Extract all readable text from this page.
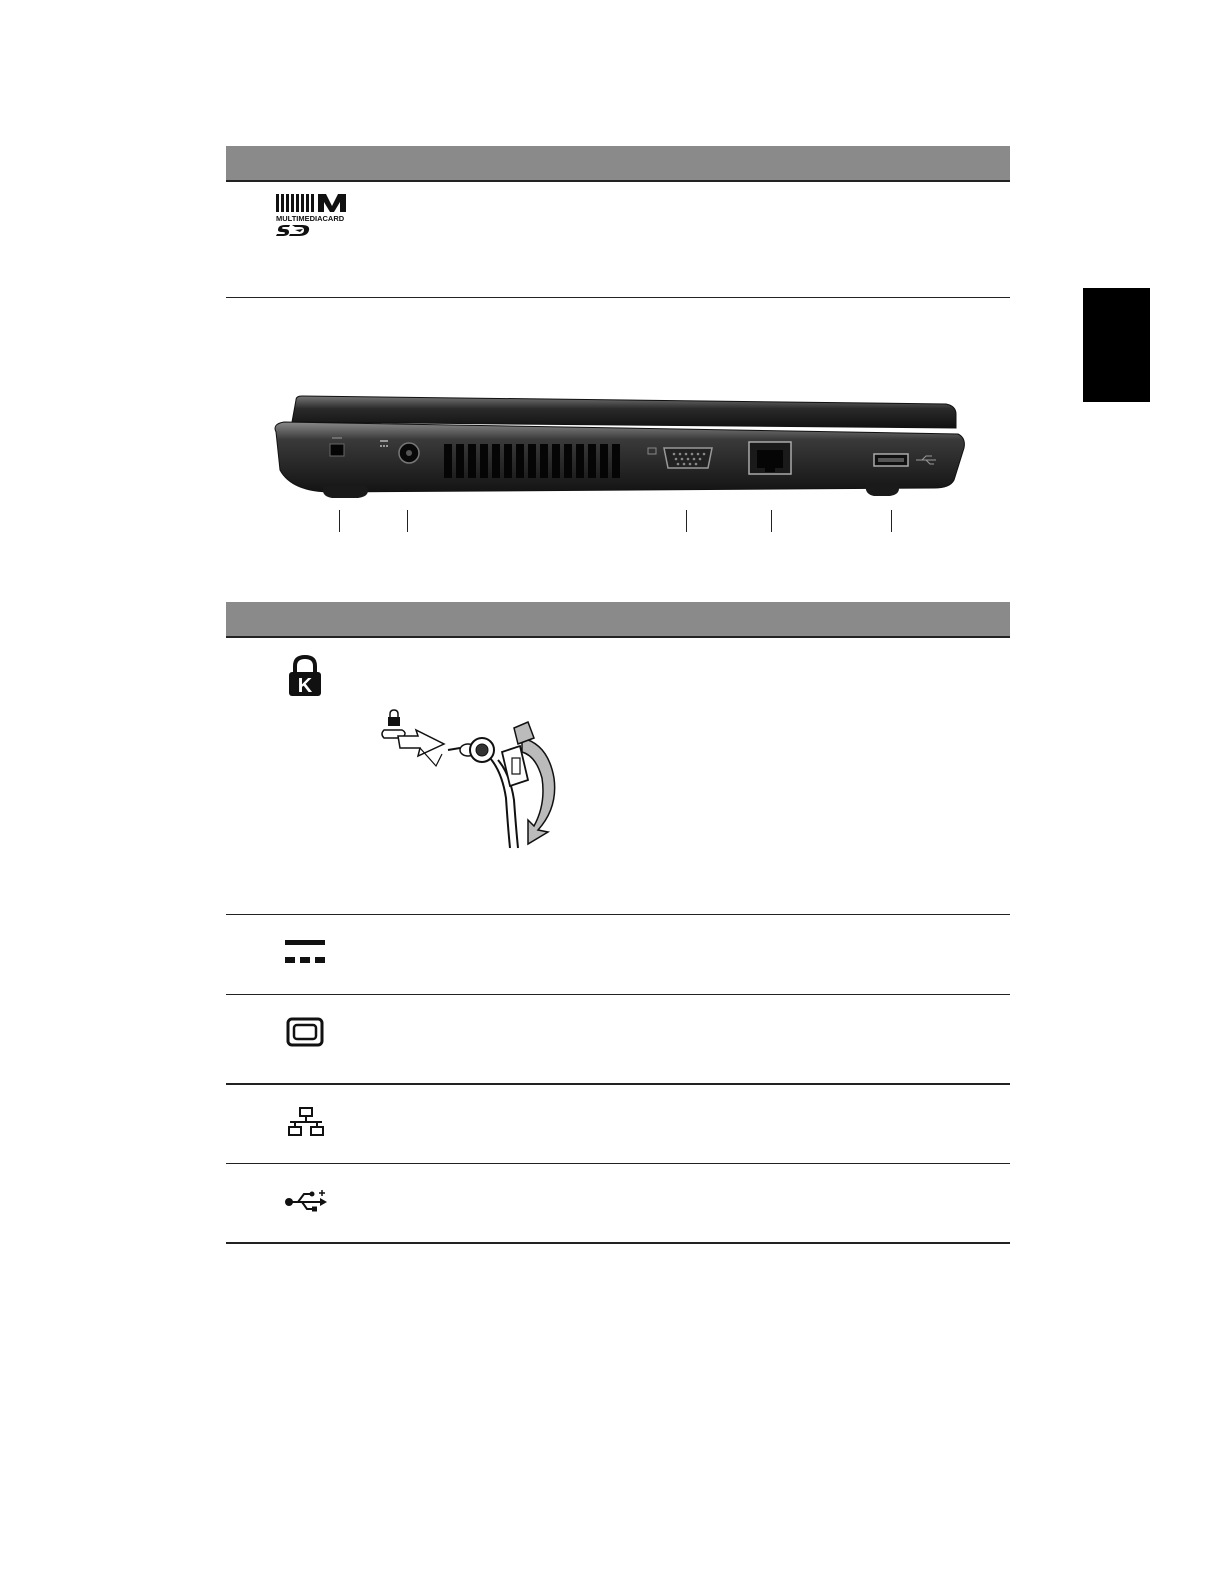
MULTIMEDIACARD
K
